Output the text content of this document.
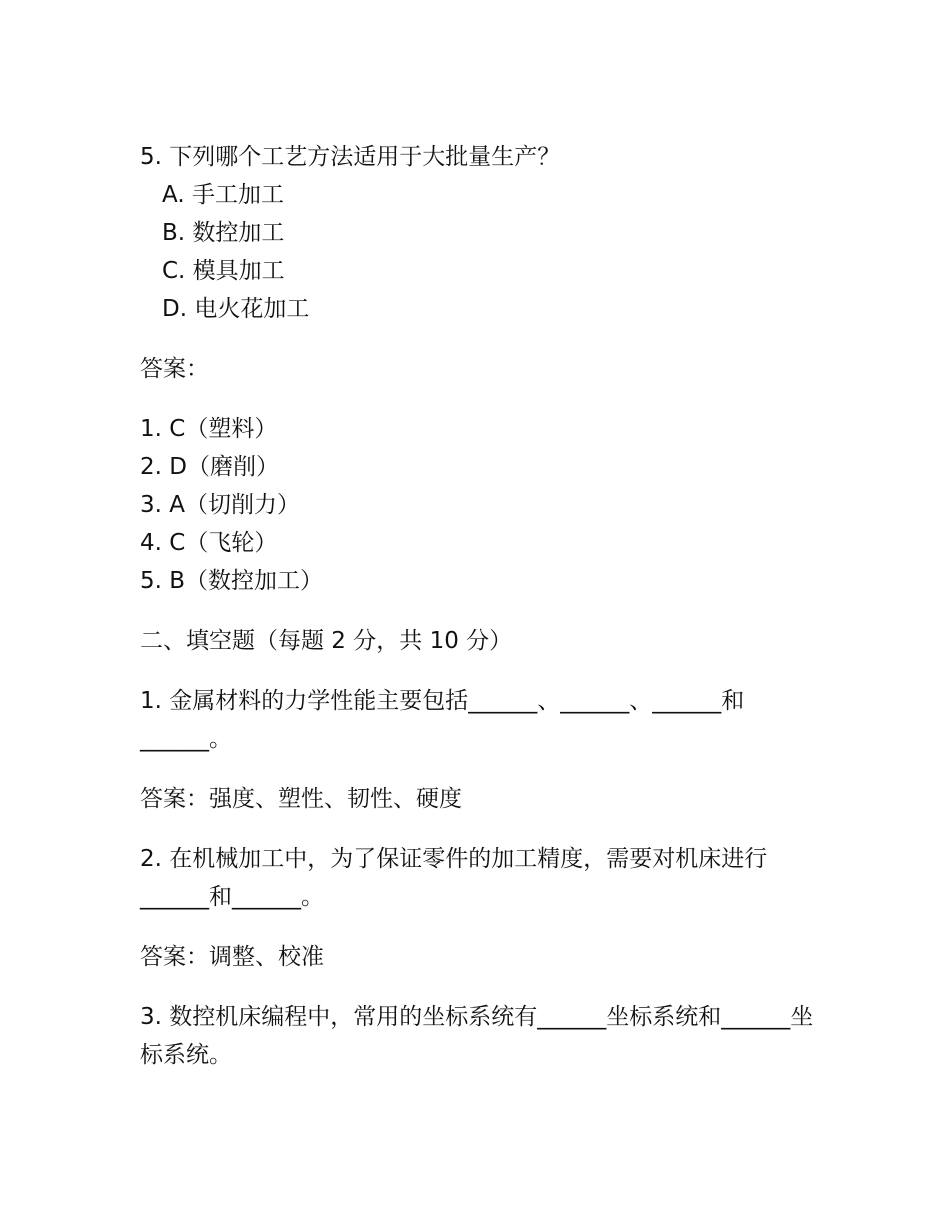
5. 下列哪个工艺方法适用于大批量生产？
A. 手工加工
B. 数控加工
C. 模具加工
D. 电火花加工
答案：
1. C（塑料）
2. D（磨削）
3. A（切削力）
4. C（飞轮）
5. B（数控加工）
二、填空题（每题 2 分，共 10 分）
1. 金属材料的力学性能主要包括______、______、______和______。
答案：强度、塑性、韧性、硬度
2. 在机械加工中，为了保证零件的加工精度，需要对机床进行______和______。
答案：调整、校准
3. 数控机床编程中，常用的坐标系统有______坐标系统和______坐标系统。
